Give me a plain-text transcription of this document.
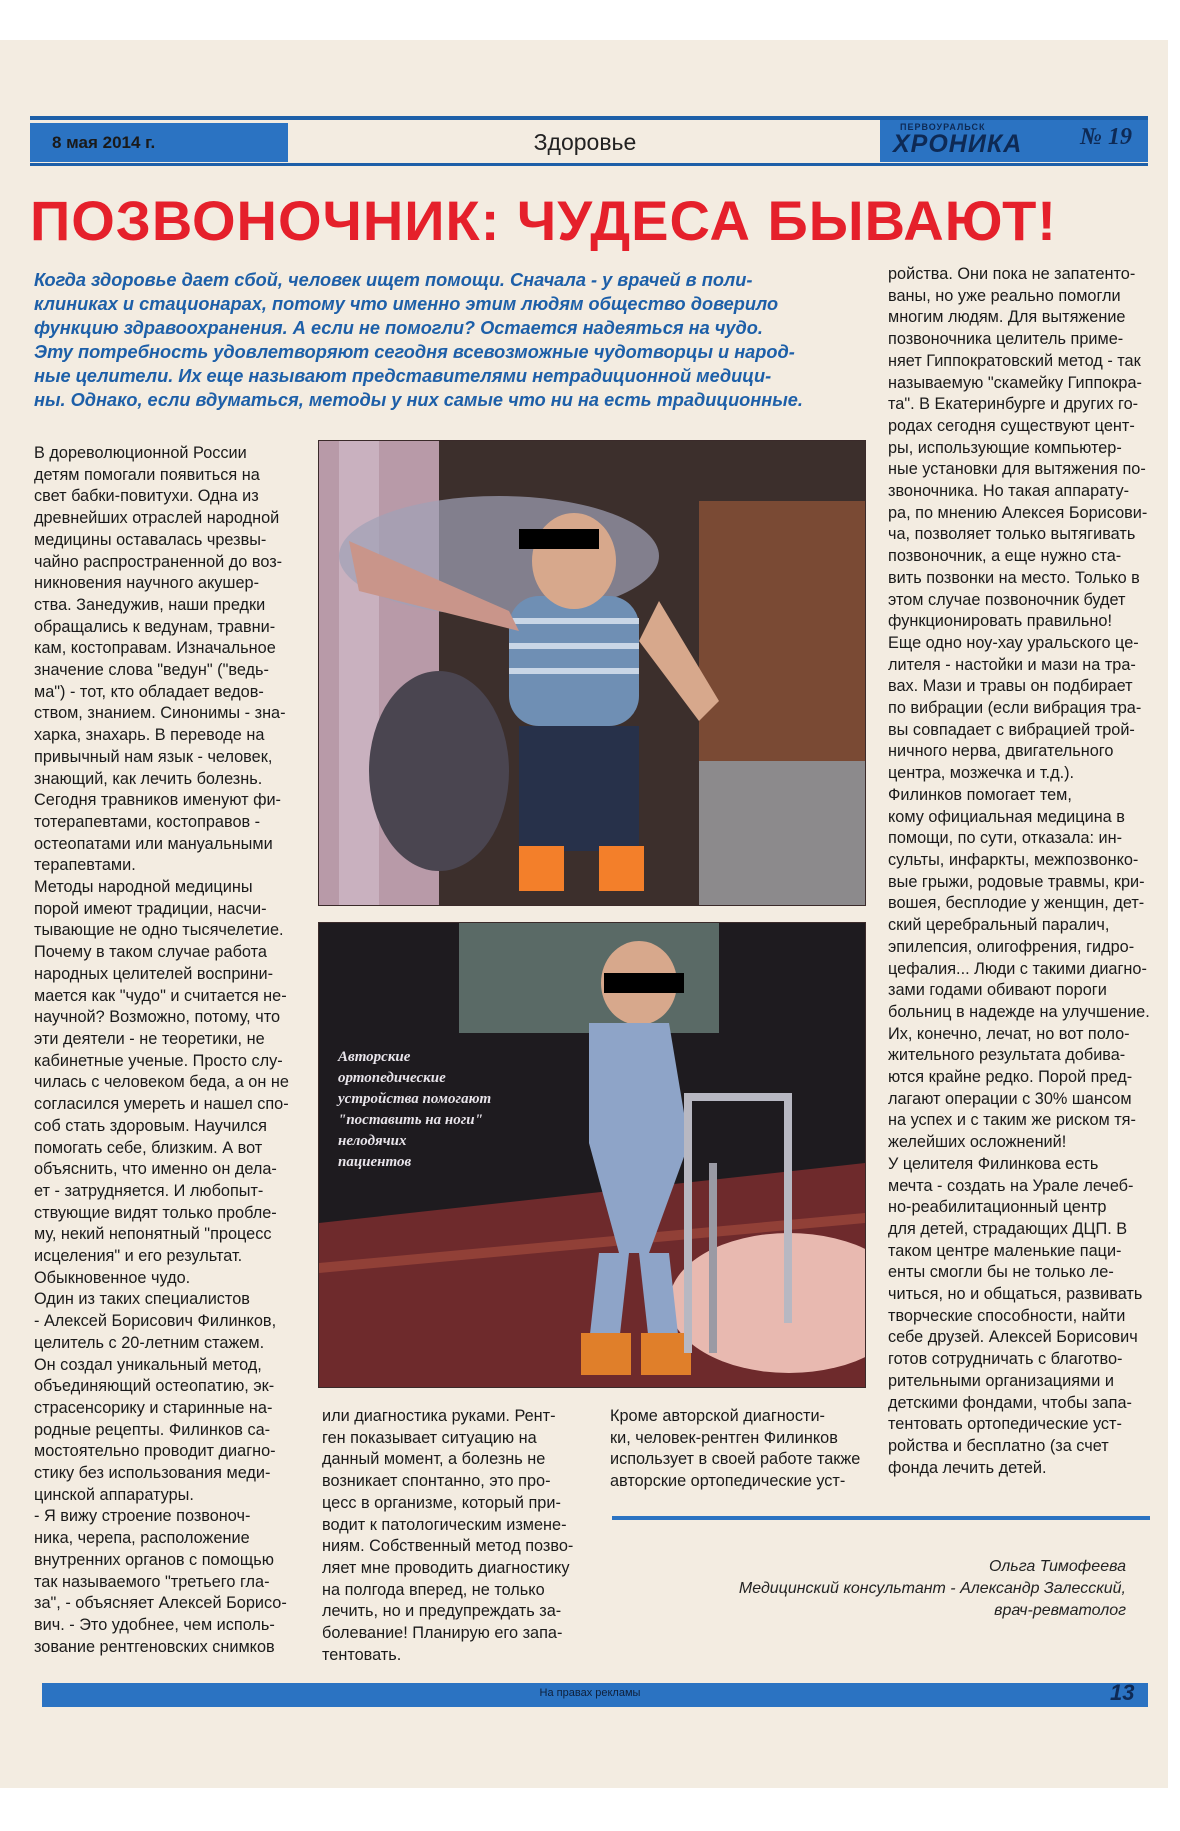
8 мая 2014 г.	Здоровье
ПЕРВОУРАЛЬСК
ХРОНИКА № 19
ПОЗВОНОЧНИК: ЧУДЕСА БЫВАЮТ!
Когда здоровье дает сбой, человек ищет помощи. Сначала - у врачей в поли-
клиниках и стационарах, потому что именно этим людям общество доверило
функцию здравоохранения. А если не помогли? Остается надеяться на чудо.
Эту потребность удовлетворяют сегодня всевозможные чудотворцы и народ-
ные целители. Их еще называют представителями нетрадиционной медици-
ны. Однако, если вдуматься, методы у них самые что ни на есть традиционные.
В дореволюционной России
детям помогали появиться на
свет бабки-повитухи. Одна из
древнейших отраслей народной
медицины оставалась чрезвы-
чайно распространенной до воз-
никновения научного акушер-
ства. Занедужив, наши предки
обращались к ведунам, травни-
кам, костоправам. Изначальное
значение слова "ведун" ("ведь-
ма") - тот, кто обладает ведов-
ством, знанием. Синонимы - зна-
харка, знахарь. В переводе на
привычный нам язык - человек,
знающий, как лечить болезнь.
Сегодня травников именуют фи-
тотерапевтами, костоправов -
остеопатами или мануальными
терапевтами.
Методы народной медицины
порой имеют традиции, насчи-
тывающие не одно тысячелетие.
Почему в таком случае работа
народных целителей восприни-
мается как "чудо" и считается не-
научной? Возможно, потому, что
эти деятели - не теоретики, не
кабинетные ученые. Просто слу-
чилась с человеком беда, а он не
согласился умереть и нашел спо-
соб стать здоровым. Научился
помогать себе, близким. А вот
объяснить, что именно он дела-
ет - затрудняется. И любопыт-
ствующие видят только пробле-
му, некий непонятный "процесс
исцеления" и его результат.
Обыкновенное чудо.
Один из таких специалистов
- Алексей Борисович Филинков,
целитель с 20-летним стажем.
Он создал уникальный метод,
объединяющий остеопатию, эк-
страсенсорику и старинные на-
родные рецепты. Филинков са-
мостоятельно проводит диагно-
стику без использования меди-
цинской аппаратуры.
- Я вижу строение позвоноч-
ника, черепа, расположение
внутренних органов с помощью
так называемого "третьего гла-
за", - объясняет Алексей Борисо-
вич. - Это удобнее, чем исполь-
зование рентгеновских снимков
или диагностика руками. Рент-
ген показывает ситуацию на
данный момент, а болезнь не
возникает спонтанно, это про-
цесс в организме, который при-
водит к патологическим измене-
ниям. Собственный метод позво-
ляет мне проводить диагностику
на полгода вперед, не только
лечить, но и предупреждать за-
болевание! Планирую его запа-
тентовать.
Кроме авторской диагности-
ки, человек-рентген Филинков
использует в своей работе также
авторские ортопедические уст-
ройства. Они пока не запатенто-
ваны, но уже реально помогли
многим людям. Для вытяжение
позвоночника целитель приме-
няет Гиппократовский метод - так
называемую "скамейку Гиппокра-
та". В Екатеринбурге и других го-
родах сегодня существуют цент-
ры, использующие компьютер-
ные установки для вытяжения по-
звоночника. Но такая аппарату-
ра, по мнению Алексея Борисови-
ча, позволяет только вытягивать
позвоночник, а еще нужно ста-
вить позвонки на место. Только в
этом случае позвоночник будет
функционировать правильно!
Еще одно ноу-хау уральского це-
лителя - настойки и мази на тра-
вах. Мази и травы он подбирает
по вибрации (если вибрация тра-
вы совпадает с вибрацией трой-
ничного нерва, двигательного
центра, мозжечка и т.д.).
Филинков помогает тем,
кому официальная медицина в
помощи, по сути, отказала: ин-
сульты, инфаркты, межпозвонко-
вые грыжи, родовые травмы, кри-
вошея, бесплодие у женщин, дет-
ский церебральный паралич,
эпилепсия, олигофрения, гидро-
цефалия... Люди с такими диагно-
зами годами обивают пороги
больниц в надежде на улучшение.
Их, конечно, лечат, но вот поло-
жительного результата добива-
ются крайне редко. Порой пред-
лагают операции с 30% шансом
на успех и с таким же риском тя-
желейших осложнений!
У целителя Филинкова есть
мечта - создать на Урале лечеб-
но-реабилитационный центр
для детей, страдающих ДЦП. В
таком центре маленькие паци-
енты смогли бы не только ле-
читься, но и общаться, развивать
творческие способности, найти
себе друзей. Алексей Борисович
готов сотрудничать с благотво-
рительными организациями и
детскими фондами, чтобы запа-
тентовать ортопедические уст-
ройства и бесплатно (за счет
фонда лечить детей.
Авторские
ортопедические
устройства помогают
"поставить на ноги"
нелодячих
пациентов
Ольга Тимофеева
Медицинский консультант - Александр Залесский,
врач-ревматолог
На правах рекламы	13
